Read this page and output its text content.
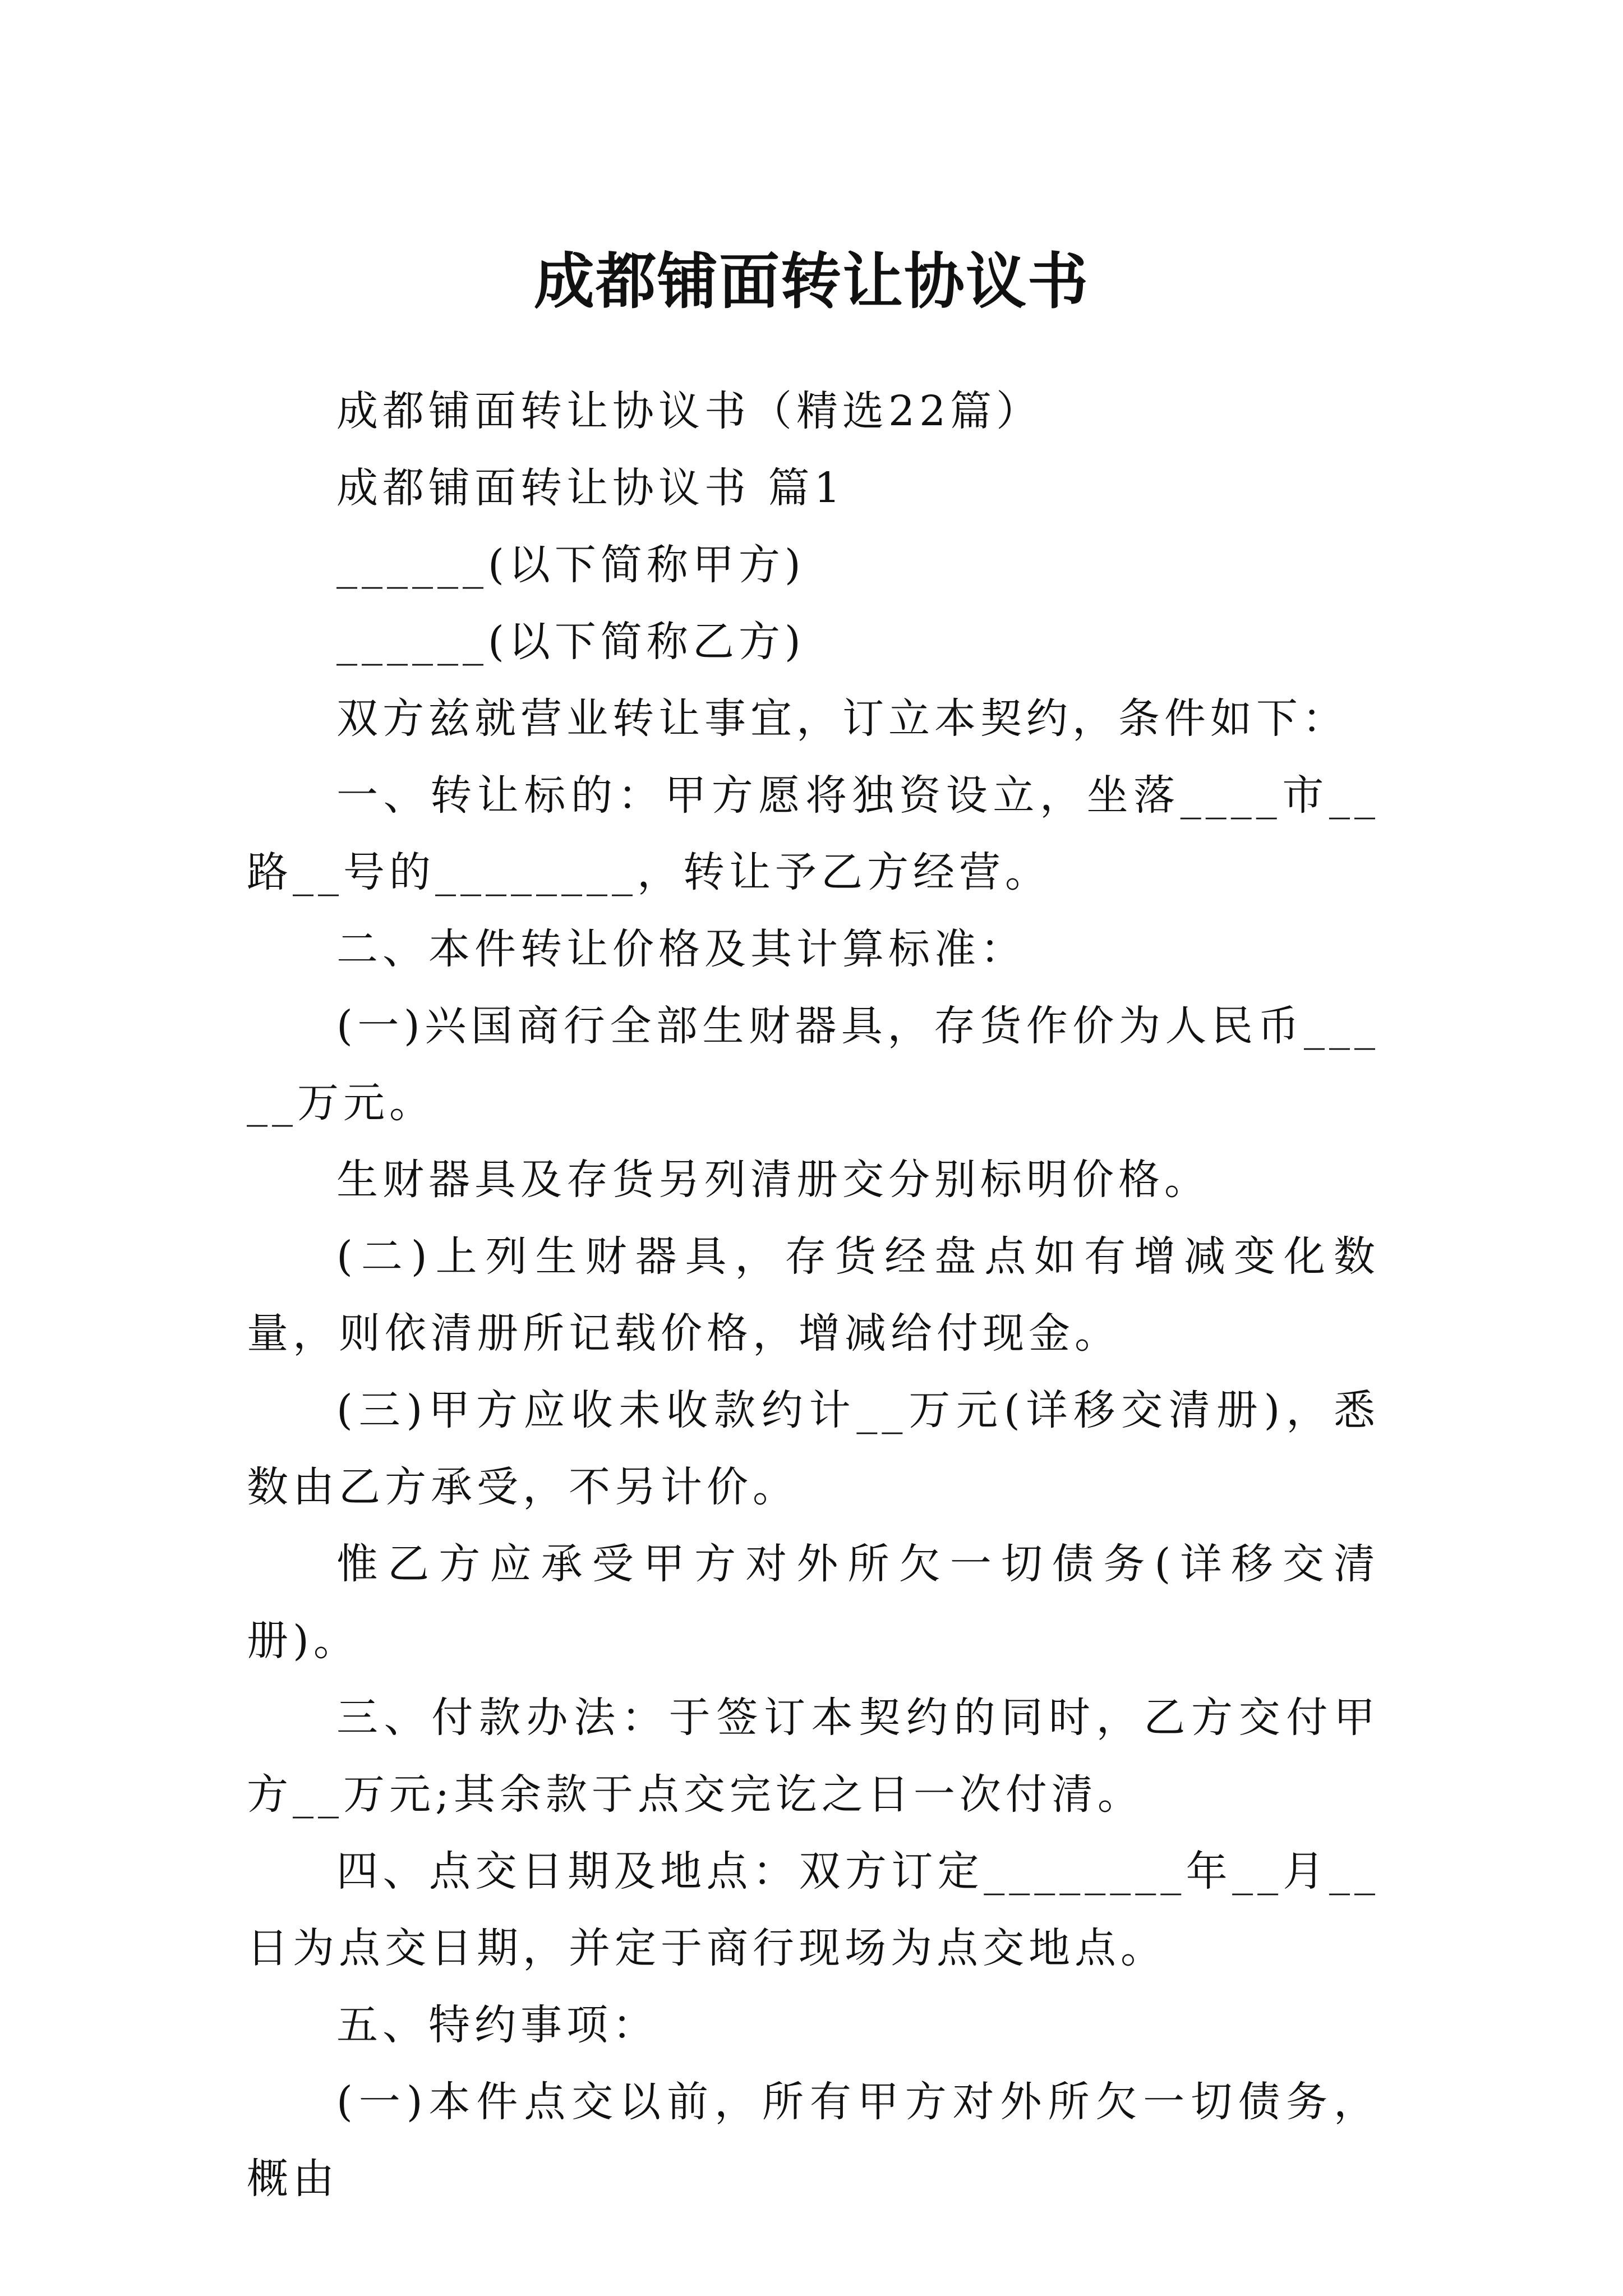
成都铺面转让协议书

成都铺面转让协议书（精选22篇）

成都铺面转让协议书 篇1

______(以下简称甲方)

______(以下简称乙方)

双方兹就营业转让事宜，订立本契约，条件如下：

一、转让标的：甲方愿将独资设立，坐落____市__路__号的________，转让予乙方经营。

二、本件转让价格及其计算标准：

(一)兴国商行全部生财器具，存货作价为人民币_____万元。

生财器具及存货另列清册交分别标明价格。

(二)上列生财器具，存货经盘点如有增减变化数量，则依清册所记载价格，增减给付现金。

(三)甲方应收未收款约计__万元(详移交清册)，悉数由乙方承受，不另计价。

惟乙方应承受甲方对外所欠一切债务(详移交清册)。

三、付款办法：于签订本契约的同时，乙方交付甲方__万元;其余款于点交完讫之日一次付清。

四、点交日期及地点：双方订定________年__月__日为点交日期，并定于商行现场为点交地点。

五、特约事项：

(一)本件点交以前，所有甲方对外所欠一切债务，概由
